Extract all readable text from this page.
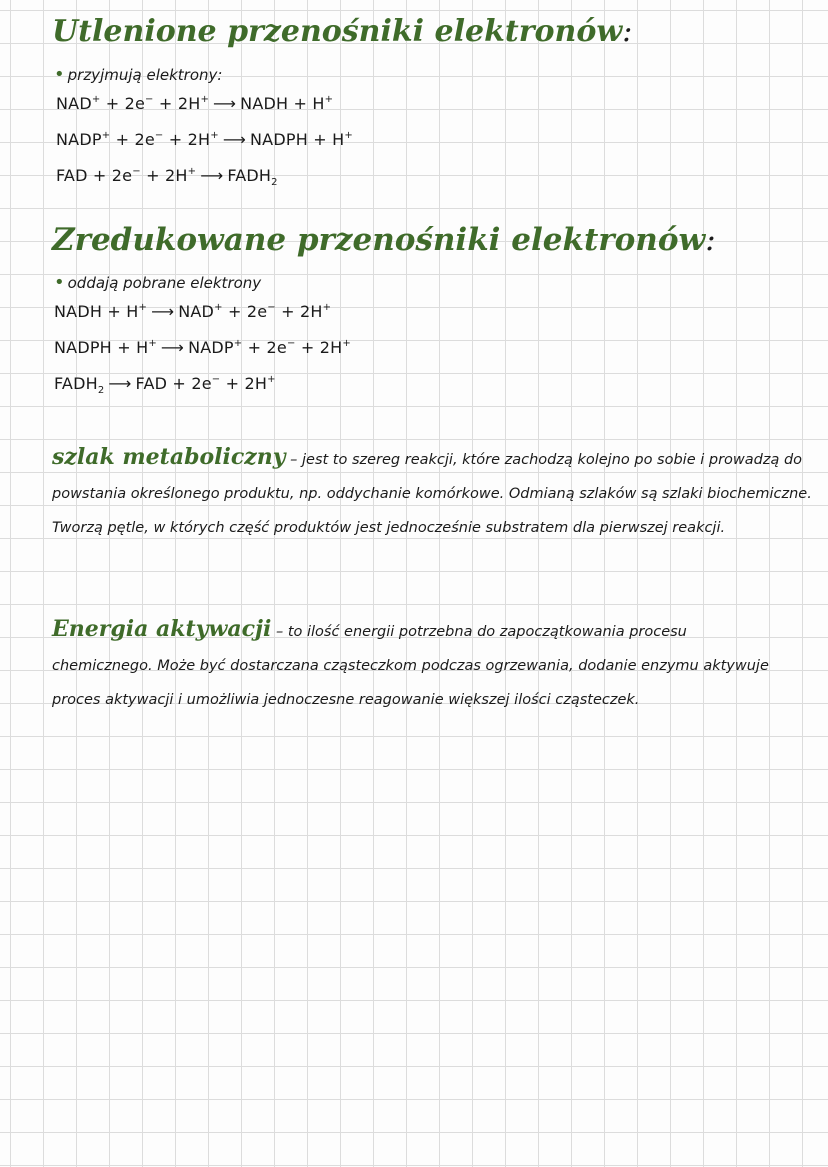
Utlenione przenośniki elektronów:
• przyjmują elektrony:
NAD+ + 2e− + 2H+ ⟶ NADH + H+
NADP+ + 2e− + 2H+ ⟶ NADPH + H+
FAD + 2e− + 2H+ ⟶ $FADH_2$
Zredukowane przenośniki elektronów:
• oddają pobrane elektrony
NADH + H+ ⟶ NAD+ + 2e− + 2H+
NADPH + H+ ⟶ NADP+ + 2e− + 2H+
$FADH_2$ ⟶ FAD + 2e− + 2H+

szlak metaboliczny – jest to szereg reakcji, które zachodzą kolejno po sobie i prowadzą do powstania określonego produktu, np. oddychanie komórkowe. Odmianą szlaków są szlaki biochemiczne. Tworzą pętle, w których część produktów jest jednocześnie substratem dla pierwszej reakcji.

Energia aktywacji – to ilość energii potrzebna do zapoczątkowania procesu chemicznego. Może być dostarczana cząsteczkom podczas ogrzewania, dodanie enzymu aktywuje proces aktywacji i umożliwia jednoczesne reagowanie większej ilości cząsteczek.
